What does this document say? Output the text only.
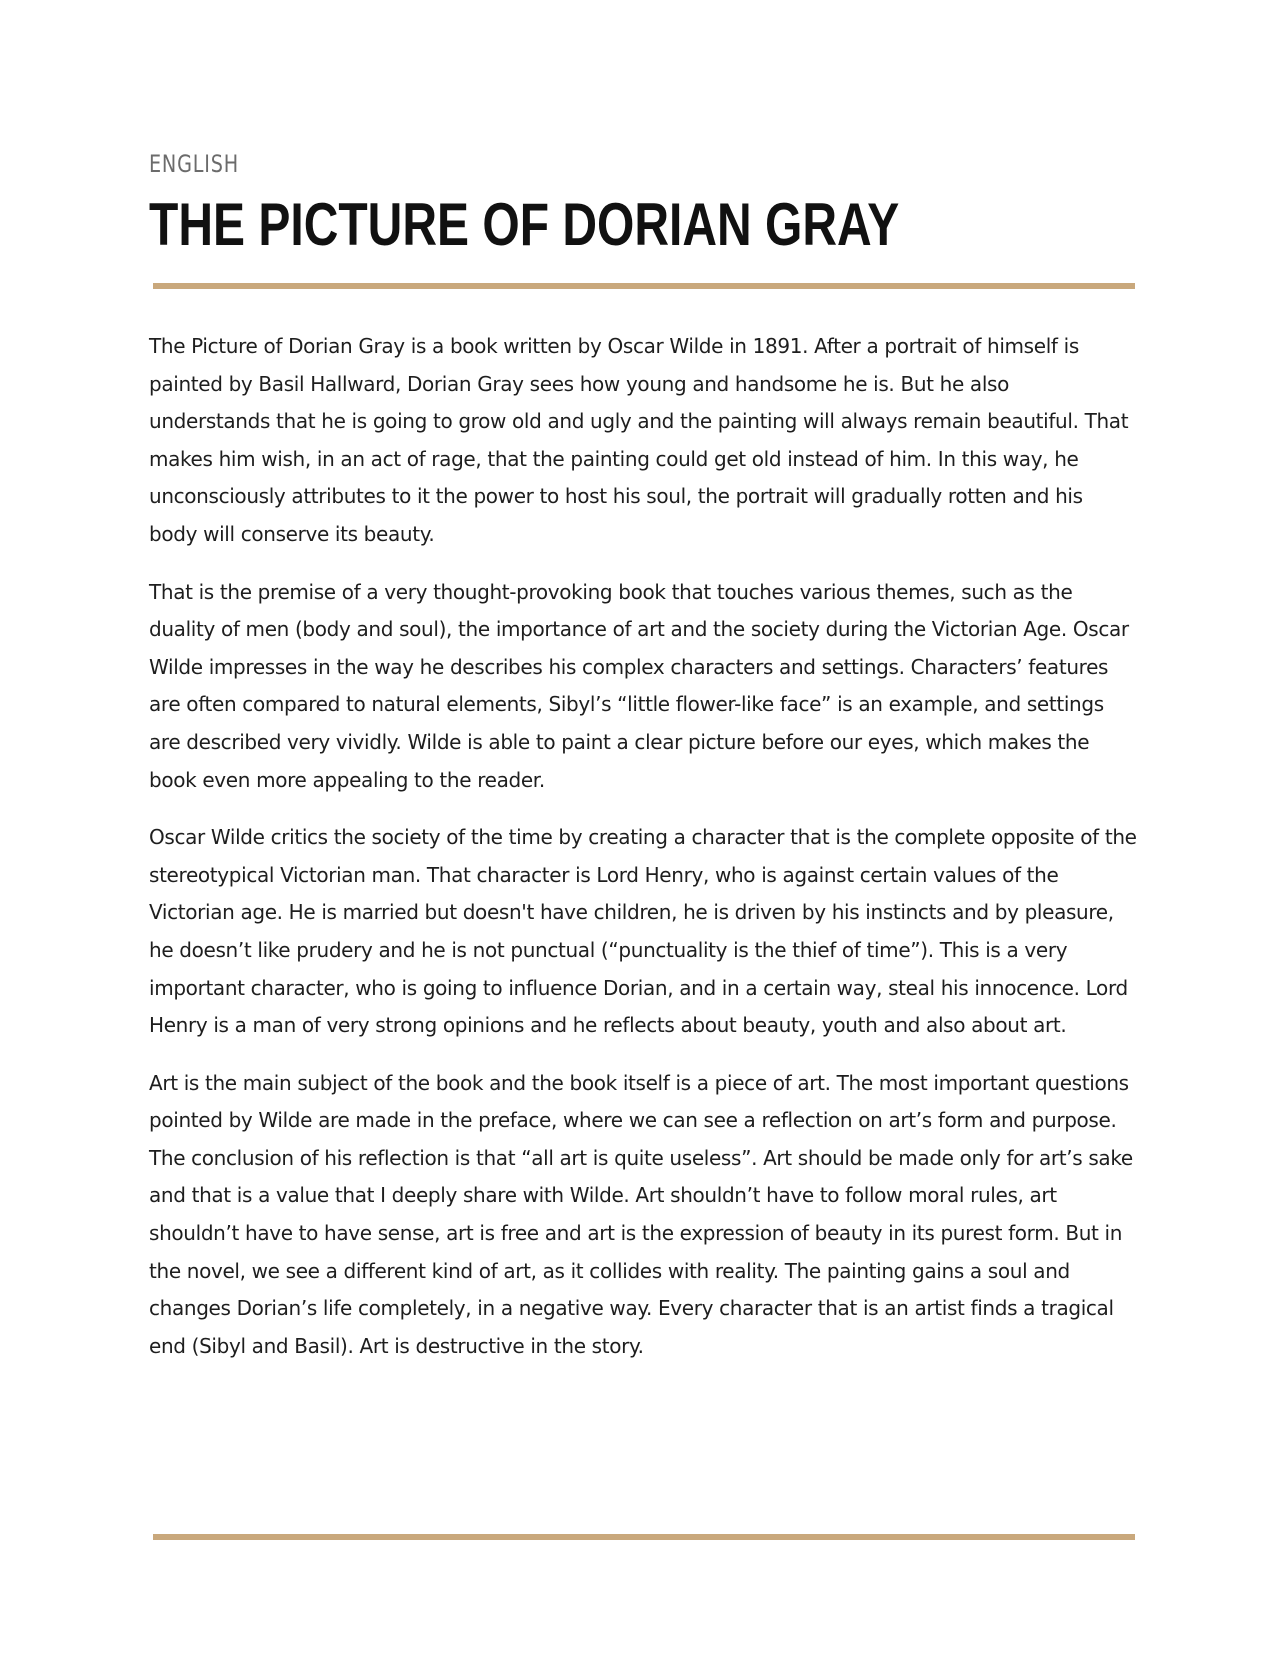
ENGLISH
THE PICTURE OF DORIAN GRAY

The Picture of Dorian Gray is a book written by Oscar Wilde in 1891. After a portrait of himself is
painted by Basil Hallward, Dorian Gray sees how young and handsome he is. But he also
understands that he is going to grow old and ugly and the painting will always remain beautiful. That
makes him wish, in an act of rage, that the painting could get old instead of him. In this way, he
unconsciously attributes to it the power to host his soul, the portrait will gradually rotten and his
body will conserve its beauty.

That is the premise of a very thought-provoking book that touches various themes, such as the
duality of men (body and soul), the importance of art and the society during the Victorian Age. Oscar
Wilde impresses in the way he describes his complex characters and settings. Characters’ features
are often compared to natural elements, Sibyl’s “little flower-like face” is an example, and settings
are described very vividly. Wilde is able to paint a clear picture before our eyes, which makes the
book even more appealing to the reader.

Oscar Wilde critics the society of the time by creating a character that is the complete opposite of the
stereotypical Victorian man. That character is Lord Henry, who is against certain values of the
Victorian age. He is married but doesn't have children, he is driven by his instincts and by pleasure,
he doesn’t like prudery and he is not punctual (“punctuality is the thief of time”). This is a very
important character, who is going to influence Dorian, and in a certain way, steal his innocence. Lord
Henry is a man of very strong opinions and he reflects about beauty, youth and also about art.

Art is the main subject of the book and the book itself is a piece of art. The most important questions
pointed by Wilde are made in the preface, where we can see a reflection on art’s form and purpose.
The conclusion of his reflection is that “all art is quite useless”. Art should be made only for art’s sake
and that is a value that I deeply share with Wilde. Art shouldn’t have to follow moral rules, art
shouldn’t have to have sense, art is free and art is the expression of beauty in its purest form. But in
the novel, we see a different kind of art, as it collides with reality. The painting gains a soul and
changes Dorian’s life completely, in a negative way. Every character that is an artist finds a tragical
end (Sibyl and Basil). Art is destructive in the story.
